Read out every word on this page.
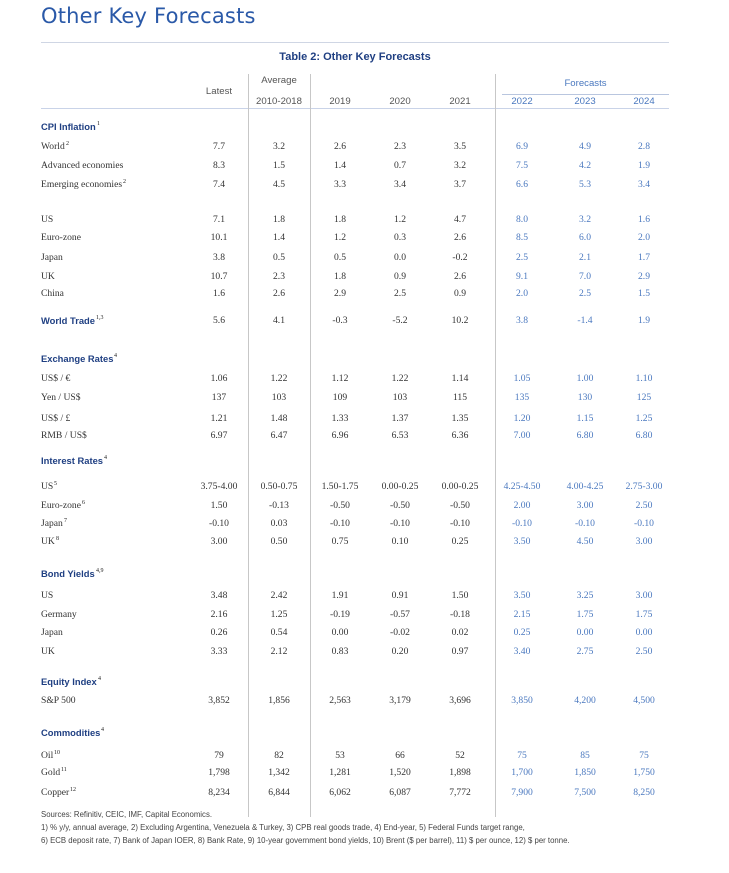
Other Key Forecasts
Table 2: Other Key Forecasts
Latest
Average
2010-2018	2019	2020	2021
Forecasts
2022	2023	2024
CPI Inflation 1
World 2	7.7	3.2	2.6	2.3	3.5	6.9	4.9	2.8
Advanced economies	8.3	1.5	1.4	0.7	3.2	7.5	4.2	1.9
Emerging economies 2	7.4	4.5	3.3	3.4	3.7	6.6	5.3	3.4
US	7.1	1.8	1.8	1.2	4.7	8.0	3.2	1.6
Euro-zone	10.1	1.4	1.2	0.3	2.6	8.5	6.0	2.0
Japan	3.8	0.5	0.5	0.0	-0.2	2.5	2.1	1.7
UK	10.7	2.3	1.8	0.9	2.6	9.1	7.0	2.9
China	1.6	2.6	2.9	2.5	0.9	2.0	2.5	1.5
World Trade 1,3	5.6	4.1	-0.3	-5.2	10.2	3.8	-1.4	1.9
Exchange Rates 4
US$ / €	1.06	1.22	1.12	1.22	1.14	1.05	1.00	1.10
Yen / US$	137	103	109	103	115	135	130	125
US$ / £	1.21	1.48	1.33	1.37	1.35	1.20	1.15	1.25
RMB / US$	6.97	6.47	6.96	6.53	6.36	7.00	6.80	6.80
Interest Rates 4
US 5	3.75-4.00	0.50-0.75	1.50-1.75	0.00-0.25	0.00-0.25	4.25-4.50	4.00-4.25	2.75-3.00
Euro-zone 6	1.50	-0.13	-0.50	-0.50	-0.50	2.00	3.00	2.50
Japan 7	-0.10	0.03	-0.10	-0.10	-0.10	-0.10	-0.10	-0.10
UK 8	3.00	0.50	0.75	0.10	0.25	3.50	4.50	3.00
Bond Yields 4,9
US	3.48	2.42	1.91	0.91	1.50	3.50	3.25	3.00
Germany	2.16	1.25	-0.19	-0.57	-0.18	2.15	1.75	1.75
Japan	0.26	0.54	0.00	-0.02	0.02	0.25	0.00	0.00
UK	3.33	2.12	0.83	0.20	0.97	3.40	2.75	2.50
Equity Index 4
S&P 500	3,852	1,856	2,563	3,179	3,696	3,850	4,200	4,500
Commodities 4
Oil 10	79	82	53	66	52	75	85	75
Gold 11	1,798	1,342	1,281	1,520	1,898	1,700	1,850	1,750
Copper 12	8,234	6,844	6,062	6,087	7,772	7,900	7,500	8,250
Sources: Refinitiv, CEIC, IMF, Capital Economics.
1) % y/y, annual average, 2) Excluding Argentina, Venezuela & Turkey, 3) CPB real goods trade, 4) End-year, 5) Federal Funds target range,
6) ECB deposit rate, 7) Bank of Japan IOER, 8) Bank Rate, 9) 10-year government bond yields, 10) Brent ($ per barrel), 11) $ per ounce, 12) $ per tonne.
